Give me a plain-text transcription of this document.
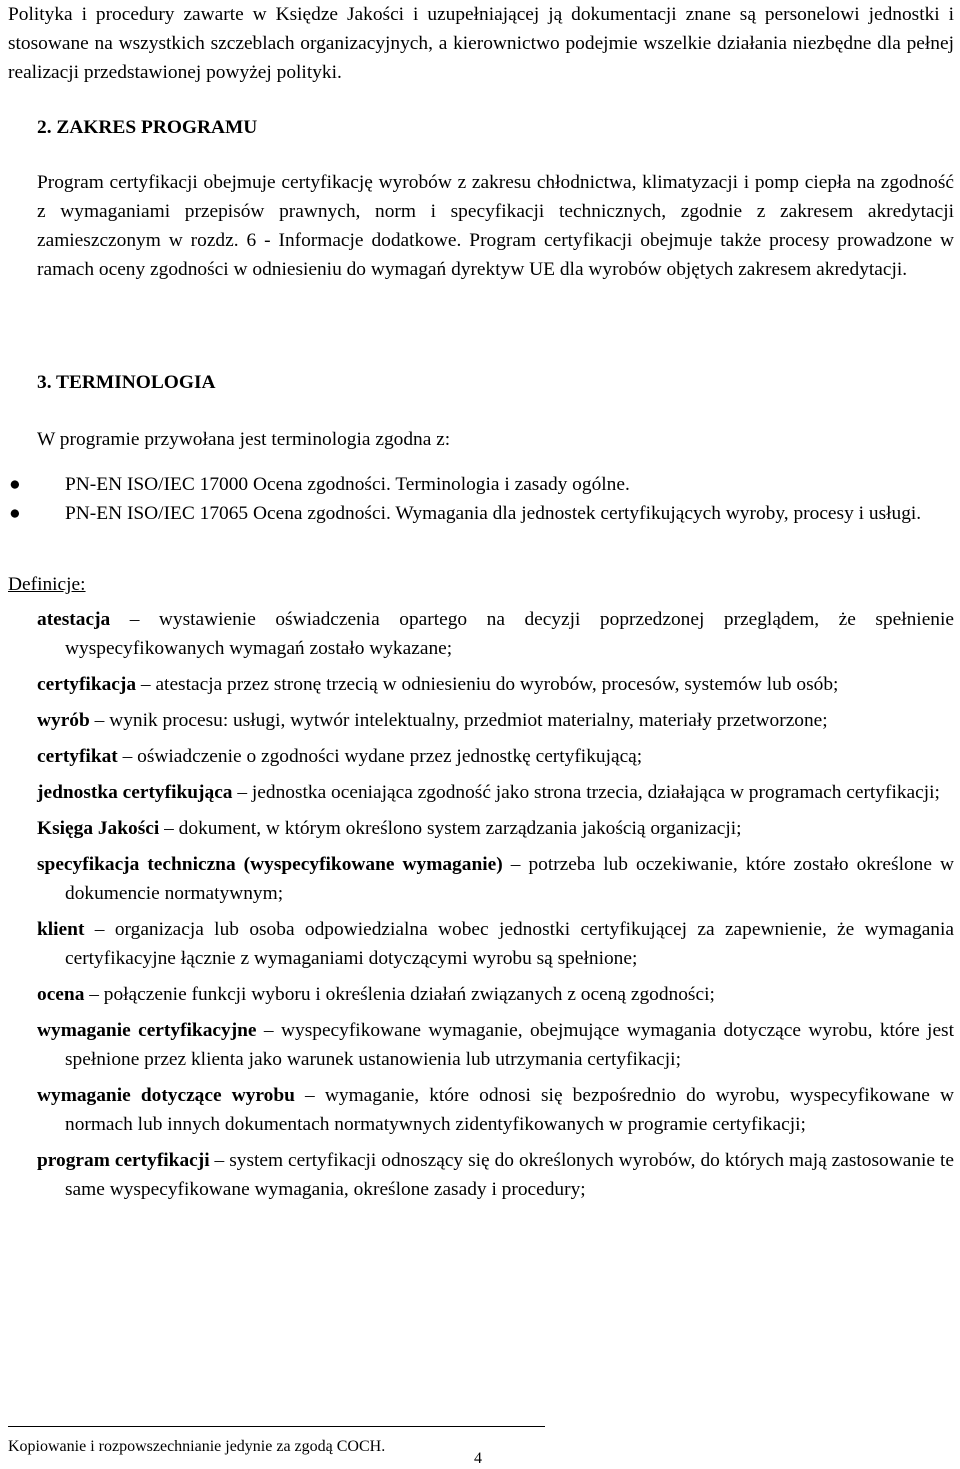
Polityka i procedury zawarte w Księdze Jakości i uzupełniającej ją dokumentacji znane są personelowi jednostki i stosowane na wszystkich szczeblach organizacyjnych, a kierownictwo podejmie wszelkie działania niezbędne dla pełnej realizacji przedstawionej powyżej polityki.
2. ZAKRES PROGRAMU
Program certyfikacji obejmuje certyfikację wyrobów z zakresu chłodnictwa, klimatyzacji i pomp ciepła na zgodność z wymaganiami przepisów prawnych, norm i specyfikacji technicznych, zgodnie z zakresem akredytacji zamieszczonym w rozdz. 6 - Informacje dodatkowe. Program certyfikacji obejmuje także procesy prowadzone w ramach oceny zgodności w odniesieniu do wymagań dyrektyw UE dla wyrobów objętych zakresem akredytacji.
3. TERMINOLOGIA
W programie przywołana jest terminologia zgodna z:
● PN-EN ISO/IEC 17000 Ocena zgodności. Terminologia i zasady ogólne.
● PN-EN ISO/IEC 17065 Ocena zgodności. Wymagania dla jednostek certyfikujących wyroby, procesy i usługi.
Definicje:
atestacja – wystawienie oświadczenia opartego na decyzji poprzedzonej przeglądem, że spełnienie wyspecyfikowanych wymagań zostało wykazane;
certyfikacja – atestacja przez stronę trzecią w odniesieniu do wyrobów, procesów, systemów lub osób;
wyrób – wynik procesu: usługi, wytwór intelektualny, przedmiot materialny, materiały przetworzone;
certyfikat – oświadczenie o zgodności wydane przez jednostkę certyfikującą;
jednostka certyfikująca – jednostka oceniająca zgodność jako strona trzecia, działająca w programach certyfikacji;
Księga Jakości – dokument, w którym określono system zarządzania jakością organizacji;
specyfikacja techniczna (wyspecyfikowane wymaganie) – potrzeba lub oczekiwanie, które zostało określone w dokumencie normatywnym;
klient – organizacja lub osoba odpowiedzialna wobec jednostki certyfikującej za zapewnienie, że wymagania certyfikacyjne łącznie z wymaganiami dotyczącymi wyrobu są spełnione;
ocena – połączenie funkcji wyboru i określenia działań związanych z oceną zgodności;
wymaganie certyfikacyjne – wyspecyfikowane wymaganie, obejmujące wymagania dotyczące wyrobu, które jest spełnione przez klienta jako warunek ustanowienia lub utrzymania certyfikacji;
wymaganie dotyczące wyrobu – wymaganie, które odnosi się bezpośrednio do wyrobu, wyspecyfikowane w normach lub innych dokumentach normatywnych zidentyfikowanych w programie certyfikacji;
program certyfikacji – system certyfikacji odnoszący się do określonych wyrobów, do których mają zastosowanie te same wyspecyfikowane wymagania, określone zasady i procedury;
Kopiowanie i rozpowszechnianie jedynie za zgodą COCH.
4
